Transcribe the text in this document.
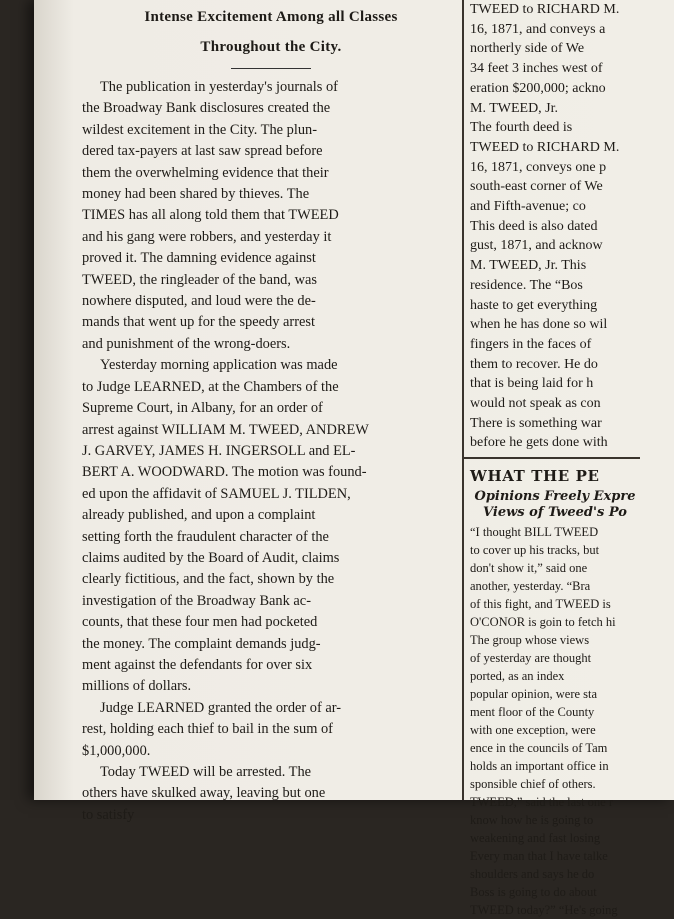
Intense Excitement Among all Classes
Throughout the City.

The publication in yesterday's journals of
the Broadway Bank disclosures created the
wildest excitement in the City. The plun-
dered tax-payers at last saw spread before
them the overwhelming evidence that their
money had been shared by thieves. The
TIMES has all along told them that TWEED
and his gang were robbers, and yesterday it
proved it. The damning evidence against
TWEED, the ringleader of the band, was
nowhere disputed, and loud were the de-
mands that went up for the speedy arrest
and punishment of the wrong-doers.

Yesterday morning application was made
to Judge LEARNED, at the Chambers of the
Supreme Court, in Albany, for an order of
arrest against WILLIAM M. TWEED, ANDREW
J. GARVEY, JAMES H. INGERSOLL and EL-
BERT A. WOODWARD. The motion was found-
ed upon the affidavit of SAMUEL J. TILDEN,
already published, and upon a complaint
setting forth the fraudulent character of the
claims audited by the Board of Audit, claims
clearly fictitious, and the fact, shown by the
investigation of the Broadway Bank ac-
counts, that these four men had pocketed
the money. The complaint demands judg-
ment against the defendants for over six
millions of dollars.

Judge LEARNED granted the order of ar-
rest, holding each thief to bail in the sum of
$1,000,000.

Today TWEED will be arrested. The
others have skulked away, leaving but one
to satisfy

TWEED to RICHARD M.
16, 1871, and conveys a
northerly side of We
34 feet 3 inches west of
eration $200,000; ackno
M. TWEED, Jr.
The fourth deed is
TWEED to RICHARD M.
16, 1871, conveys one p
south-east corner of We
and Fifth-avenue; co
This deed is also dated
gust, 1871, and acknow
M. TWEED, Jr. This
residence. The “Bos
haste to get everything
when he has done so wil
fingers in the faces of
them to recover. He do
that is being laid for h
would not speak as con
There is something war
before he gets done with
WHAT THE PE
Opinions Freely Expre
Views of Tweed's Po
“I thought BILL TWEED
to cover up his tracks, but
don't show it,” said one
another, yesterday. “Bra
of this fight, and TWEED is
O'CONOR is goin to fetch hi
The group whose views
of yesterday are thought
ported, as an index
popular opinion, were sta
ment floor of the County
with one exception, were
ence in the councils of Tam
holds an important office in
sponsible chief of others.
TWEED,” said the last one r
know how he is going to
weakening and fast losing
Every man that I have talke
shoulders and says he do
Boss is going to do about
TWEED today?” “He's going
